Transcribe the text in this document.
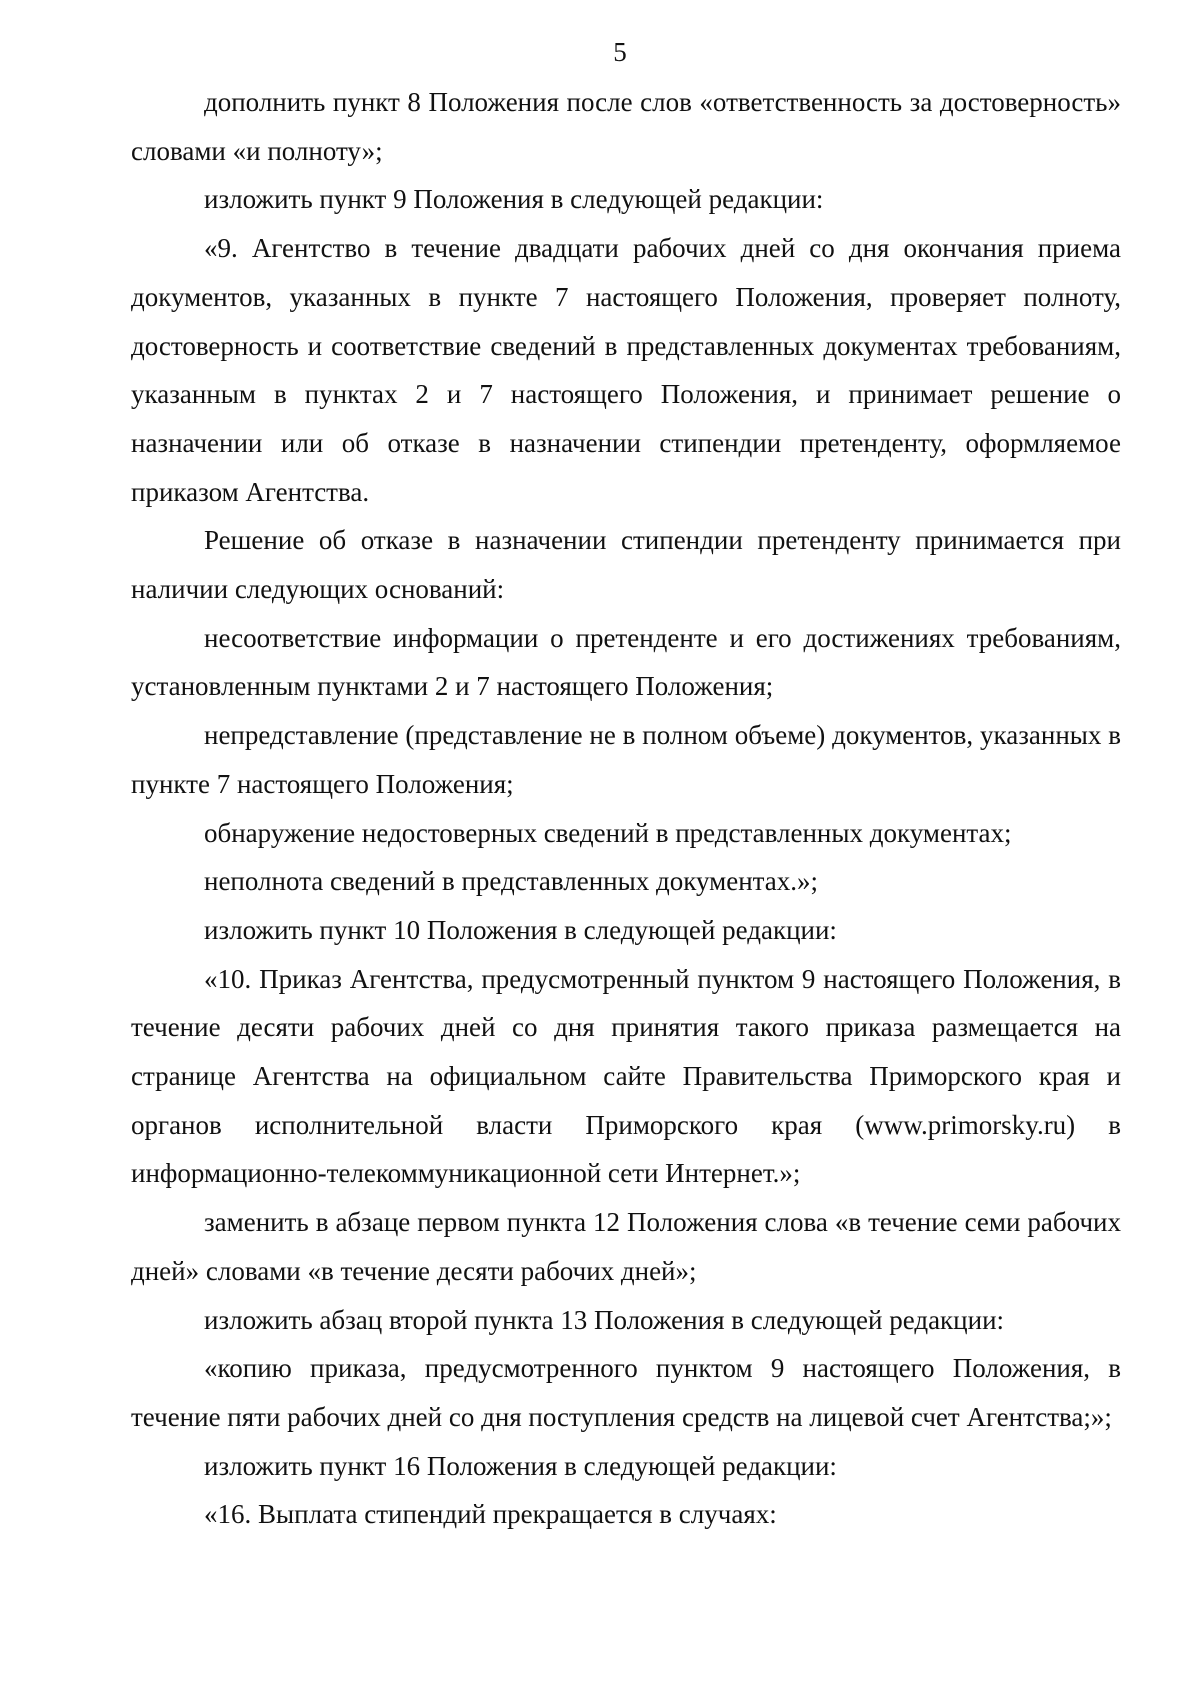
5

дополнить пункт 8 Положения после слов «ответственность за достоверность» словами «и полноту»;

изложить пункт 9 Положения в следующей редакции:

«9. Агентство в течение двадцати рабочих дней со дня окончания приема документов, указанных в пункте 7 настоящего Положения, проверяет полноту, достоверность и соответствие сведений в представленных документах требованиям, указанным в пунктах 2 и 7 настоящего Положения, и принимает решение о назначении или об отказе в назначении стипендии претенденту, оформляемое приказом Агентства.

Решение об отказе в назначении стипендии претенденту принимается при наличии следующих оснований:

несоответствие информации о претенденте и его достижениях требованиям, установленным пунктами 2 и 7 настоящего Положения;

непредставление (представление не в полном объеме) документов, указанных в пункте 7 настоящего Положения;

обнаружение недостоверных сведений в представленных документах;

неполнота сведений в представленных документах.»;

изложить пункт 10 Положения в следующей редакции:

«10. Приказ Агентства, предусмотренный пунктом 9 настоящего Положения, в течение десяти рабочих дней со дня принятия такого приказа размещается на странице Агентства на официальном сайте Правительства Приморского края и органов исполнительной власти Приморского края (www.primorsky.ru) в информационно-телекоммуникационной сети Интернет.»;

заменить в абзаце первом пункта 12 Положения слова «в течение семи рабочих дней» словами «в течение десяти рабочих дней»;

изложить абзац второй пункта 13 Положения в следующей редакции:

«копию приказа, предусмотренного пунктом 9 настоящего Положения, в течение пяти рабочих дней со дня поступления средств на лицевой счет Агентства;»;

изложить пункт 16 Положения в следующей редакции:

«16. Выплата стипендий прекращается в случаях:
